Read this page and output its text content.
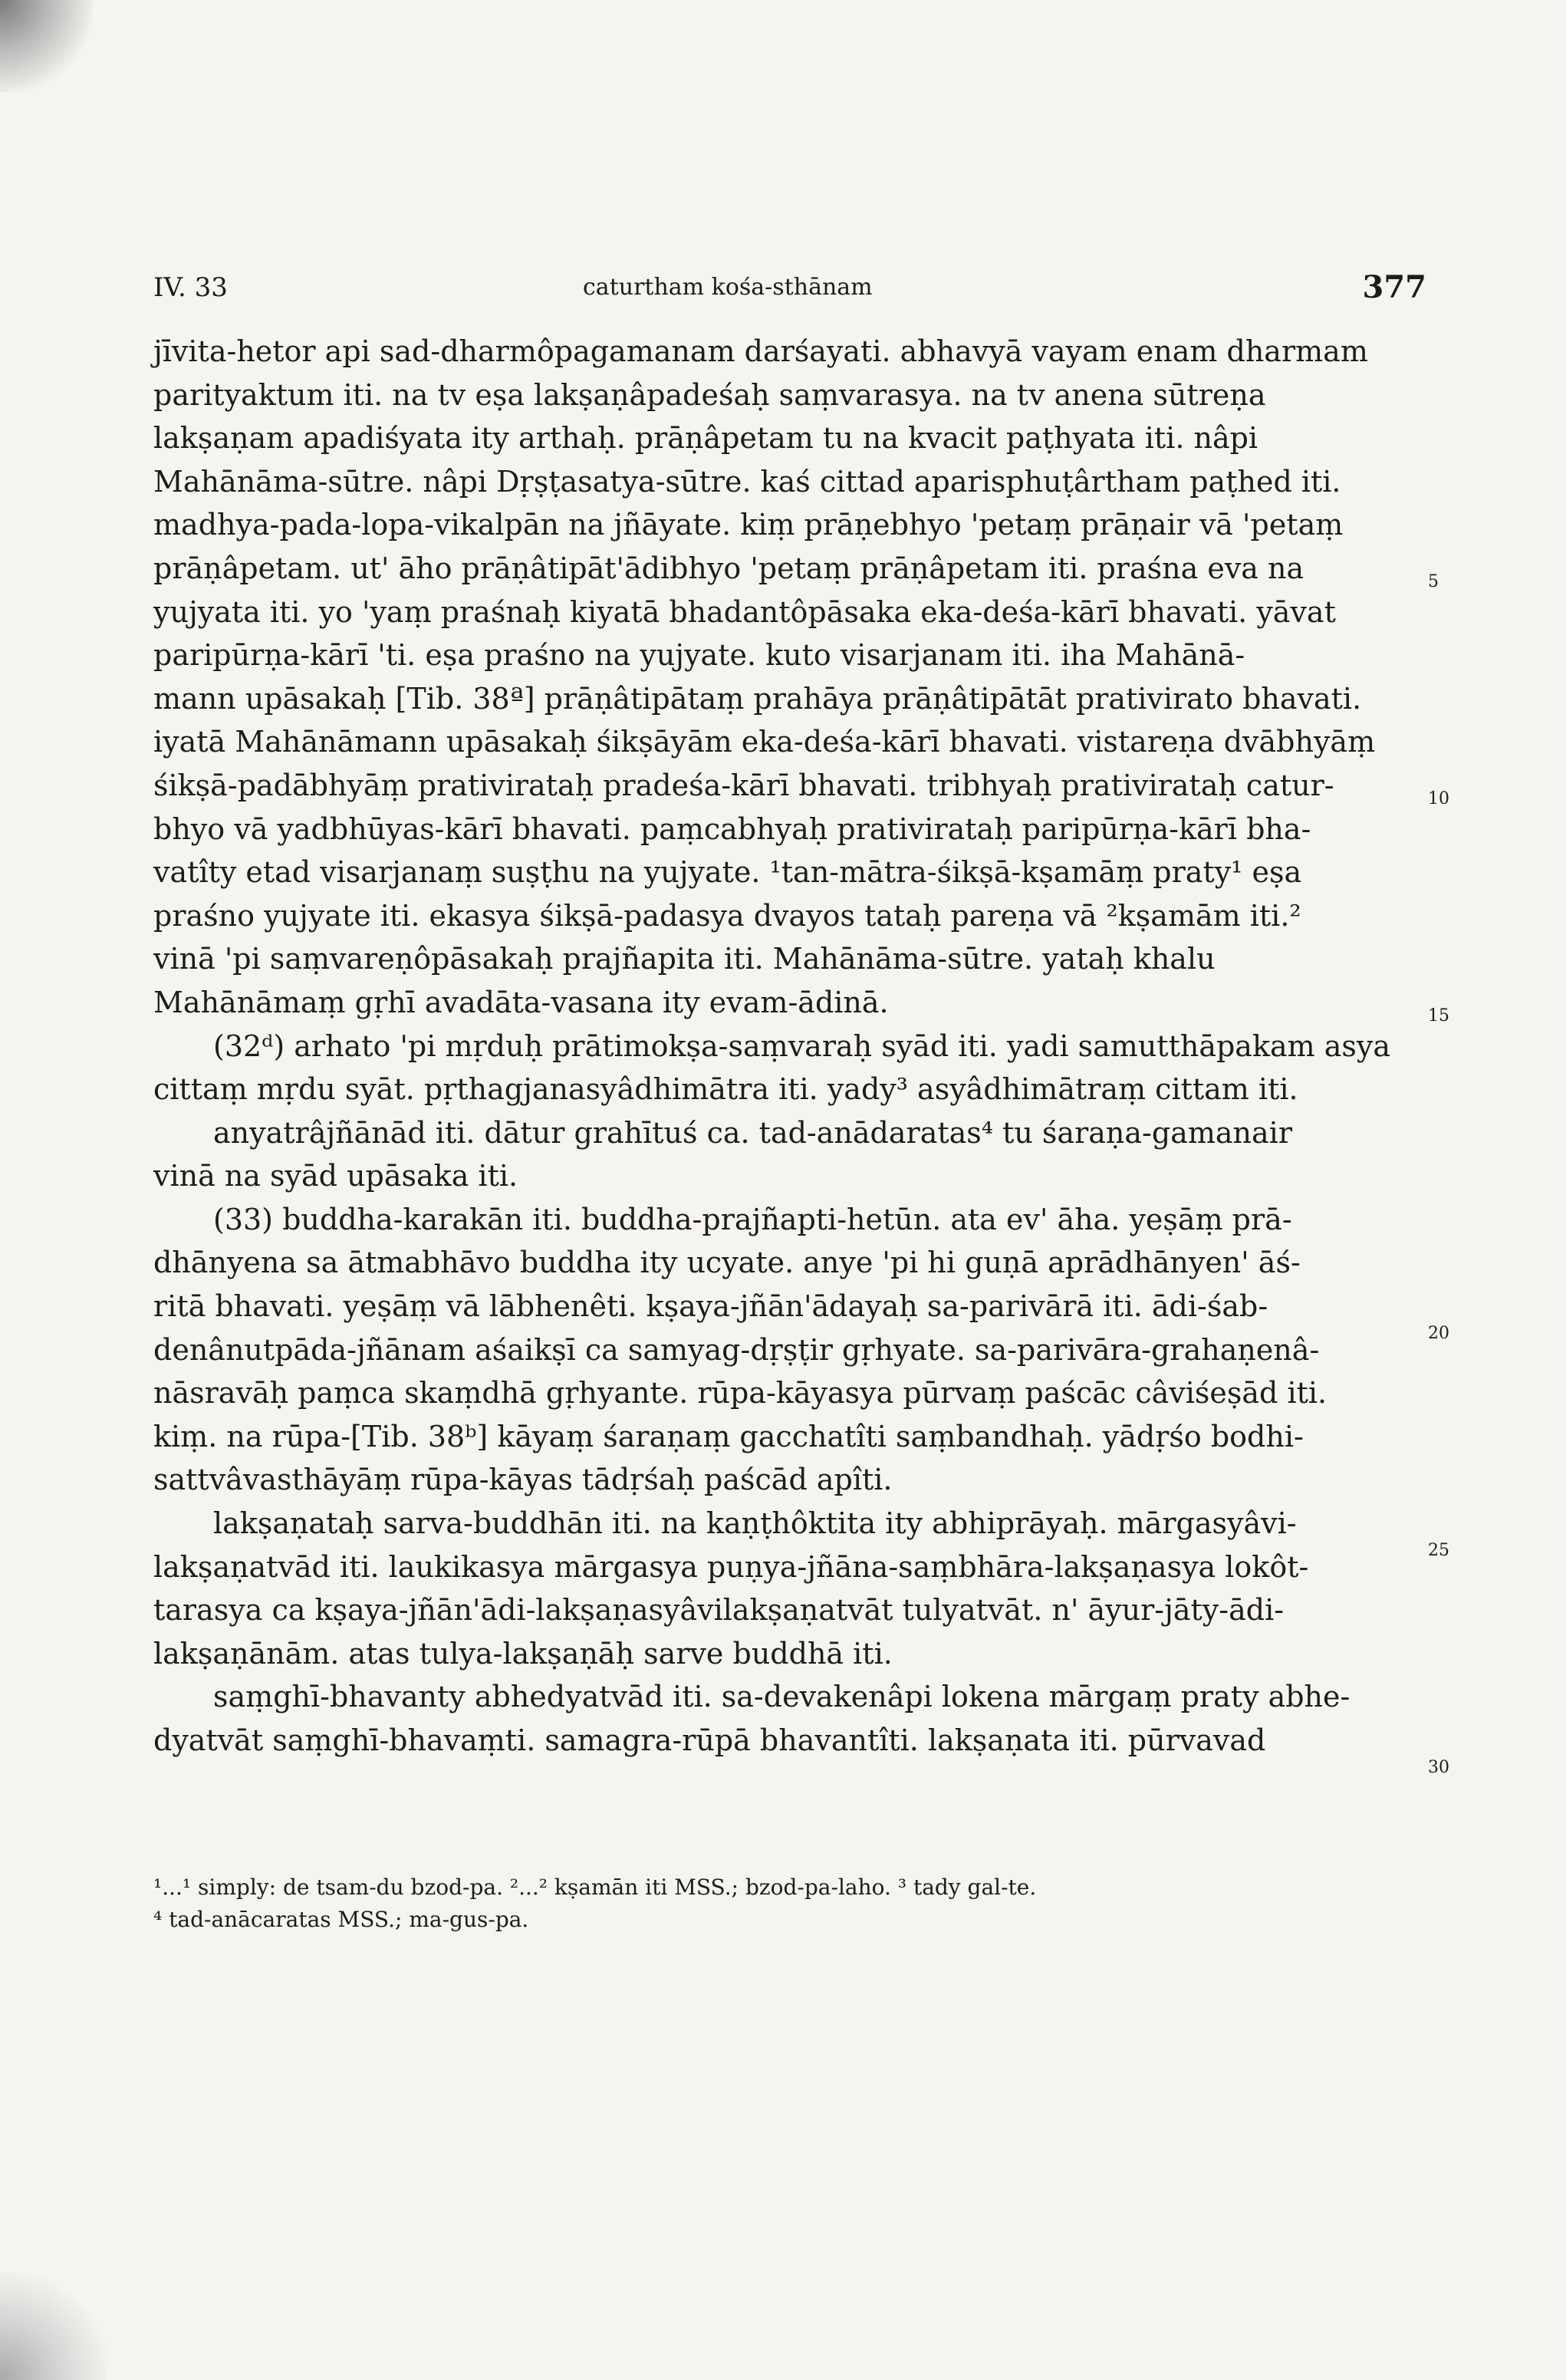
IV. 33	caturtham kośa-sthānam	377
jīvita-hetor api sad-dharmôpagamanam darśayati. abhavyā vayam enam dharmam
parityaktum iti. na tv eṣa lakṣaṇâpadeśaḥ saṃvarasya. na tv anena sūtreṇa
lakṣaṇam apadiśyata ity arthaḥ. prāṇâpetam tu na kvacit paṭhyata iti. nâpi
Mahānāma-sūtre. nâpi Dṛṣṭasatya-sūtre. kaś cittad aparisphuṭârtham paṭhed iti.
madhya-pada-lopa-vikalpān na jñāyate. kiṃ prāṇebhyo 'petaṃ prāṇair vā 'petaṃ
prāṇâpetam. ut' āho prāṇâtipāt'ādibhyo 'petaṃ prāṇâpetam iti. praśna eva na
yujyata iti. yo 'yaṃ praśnaḥ kiyatā bhadantôpāsaka eka-deśa-kārī bhavati. yāvat
paripūrṇa-kārī 'ti. eṣa praśno na yujyate. kuto visarjanam iti. iha Mahānā-
mann upāsakaḥ [Tib. 38ª] prāṇâtipātaṃ prahāya prāṇâtipātāt prativirato bhavati.
iyatā Mahānāmann upāsakaḥ śikṣāyām eka-deśa-kārī bhavati. vistareṇa dvābhyāṃ
śikṣā-padābhyāṃ prativirataḥ pradeśa-kārī bhavati. tribhyaḥ prativirataḥ catur-
bhyo vā yadbhūyas-kārī bhavati. paṃcabhyaḥ prativirataḥ paripūrṇa-kārī bha-
vatîty etad visarjanaṃ suṣṭhu na yujyate. ¹tan-mātra-śikṣā-kṣamāṃ praty¹ eṣa
praśno yujyate iti. ekasya śikṣā-padasya dvayos tataḥ pareṇa vā ²kṣamām iti.²
vinā 'pi saṃvareṇôpāsakaḥ prajñapita iti. Mahānāma-sūtre. yataḥ khalu
Mahānāmaṃ gṛhī avadāta-vasana ity evam-ādinā.
(32ᵈ) arhato 'pi mṛduḥ prātimokṣa-saṃvaraḥ syād iti. yadi samutthāpakam asya
cittaṃ mṛdu syāt. pṛthagjanasyâdhimātra iti. yady³ asyâdhimātraṃ cittam iti.
anyatrâjñānād iti. dātur grahītuś ca. tad-anādaratas⁴ tu śaraṇa-gamanair
vinā na syād upāsaka iti.
(33) buddha-karakān iti. buddha-prajñapti-hetūn. ata ev' āha. yeṣāṃ prā-
dhānyena sa ātmabhāvo buddha ity ucyate. anye 'pi hi guṇā aprādhānyen' āś-
ritā bhavati. yeṣāṃ vā lābhenêti. kṣaya-jñān'ādayaḥ sa-parivārā iti. ādi-śab-
denânutpāda-jñānam aśaikṣī ca samyag-dṛṣṭir gṛhyate. sa-parivāra-grahaṇenâ-
nāsravāḥ paṃca skaṃdhā gṛhyante. rūpa-kāyasya pūrvaṃ paścāc câviśeṣād iti.
kiṃ. na rūpa-[Tib. 38ᵇ] kāyaṃ śaraṇaṃ gacchatîti saṃbandhaḥ. yādṛśo bodhi-
sattvâvasthāyāṃ rūpa-kāyas tādṛśaḥ paścād apîti.
lakṣaṇataḥ sarva-buddhān iti. na kaṇṭhôktita ity abhiprāyaḥ. mārgasyâvi-
lakṣaṇatvād iti. laukikasya mārgasya puṇya-jñāna-saṃbhāra-lakṣaṇasya lokôt-
tarasya ca kṣaya-jñān'ādi-lakṣaṇasyâvilakṣaṇatvāt tulyatvāt. n' āyur-jāty-ādi-
lakṣaṇānām. atas tulya-lakṣaṇāḥ sarve buddhā iti.
saṃghī-bhavanty abhedyatvād iti. sa-devakenâpi lokena mārgaṃ praty abhe-
dyatvāt saṃghī-bhavaṃti. samagra-rūpā bhavantîti. lakṣaṇata iti. pūrvavad
5
10
15
20
25
30
¹...¹ simply: de tsam-du bzod-pa. ²...² kṣamān iti MSS.; bzod-pa-laho. ³ tady gal-te.
⁴ tad-anācaratas MSS.; ma-gus-pa.
